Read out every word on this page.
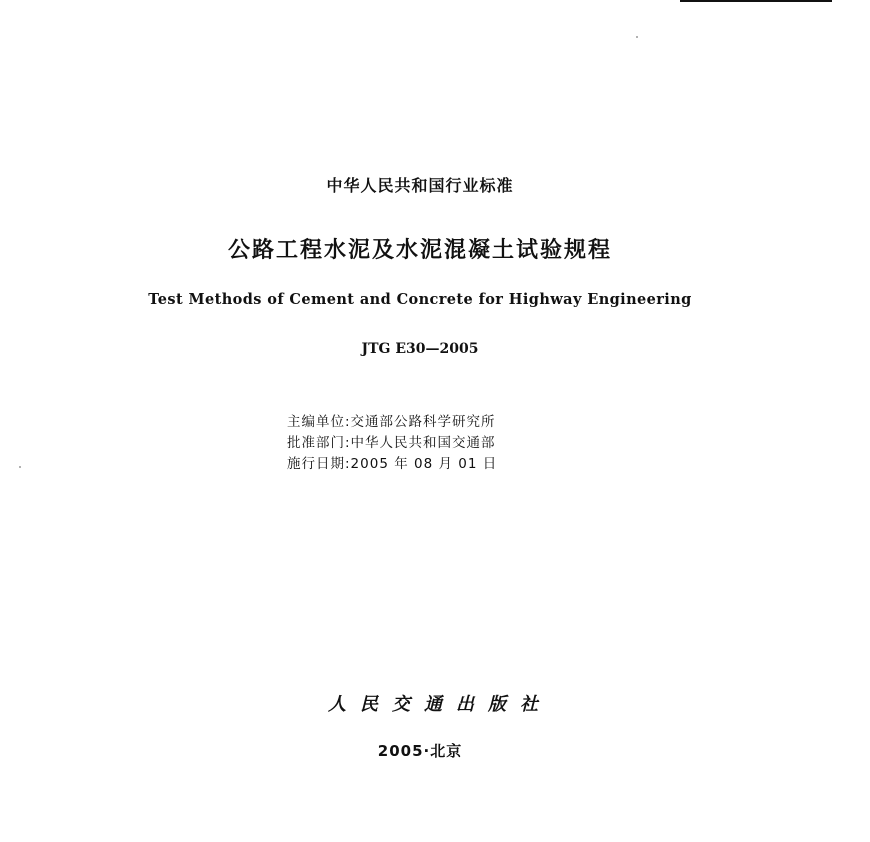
中华人民共和国行业标准
公路工程水泥及水泥混凝土试验规程
Test Methods of Cement and Concrete for Highway Engineering
JTG E30—2005
主编单位:交通部公路科学研究所
批准部门:中华人民共和国交通部
施行日期:2005 年 08 月 01 日
人民交通出版社
2005·北京
